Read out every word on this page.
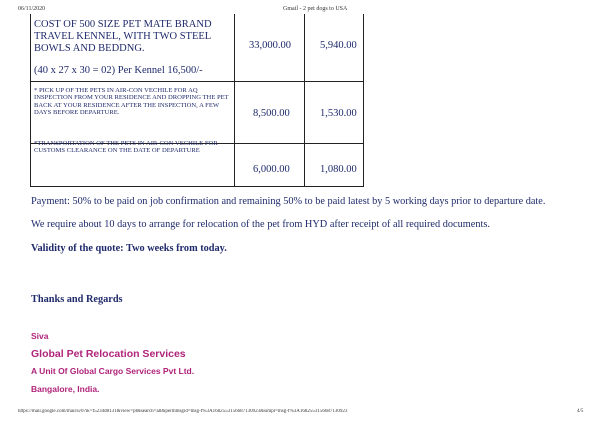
06/11/2020	Gmail - 2 pet dogs to USA
COST OF 500 SIZE PET MATE BRAND TRAVEL KENNEL, WITH TWO STEEL BOWLS AND BEDDNG.
(40 x 27 x 30 = 02) Per Kennel 16,500/-
33,000.00	5,940.00
* PICK UP OF THE PETS IN AIR-CON VECHILE FOR AQ INSPECTION FROM YOUR RESIDENCE AND DROPPING THE PET BACK AT YOUR RESIDENCE AFTER THE INSPECTION, A FEW DAYS BEFORE DEPARTURE.	8,500.00	1,530.00
*TRANSPORTATION OF THE PETS IN AIR-CON VECHILE FOR CUSTOMS CLEARANCE ON THE DATE OF DEPARTURE
6,000.00	1,080.00
Payment: 50% to be paid on job confirmation and remaining 50% to be paid latest by 5 working days prior to departure date.
We require about 10 days to arrange for relocation of the pet from HYD after receipt of all required documents.
Validity of the quote: Two weeks from today.
Thanks and Regards
Siva
Global Pet Relocation Services
A Unit Of Global Cargo Services Pvt Ltd.
Bangalore, India.
https://mail.google.com/mail/u/0?ik=f5234d8131&view=pt&search=all&permmsgid=msg-f%3A1682553156687130923&simpl=msg-f%3A1682553156687130923	4/5
